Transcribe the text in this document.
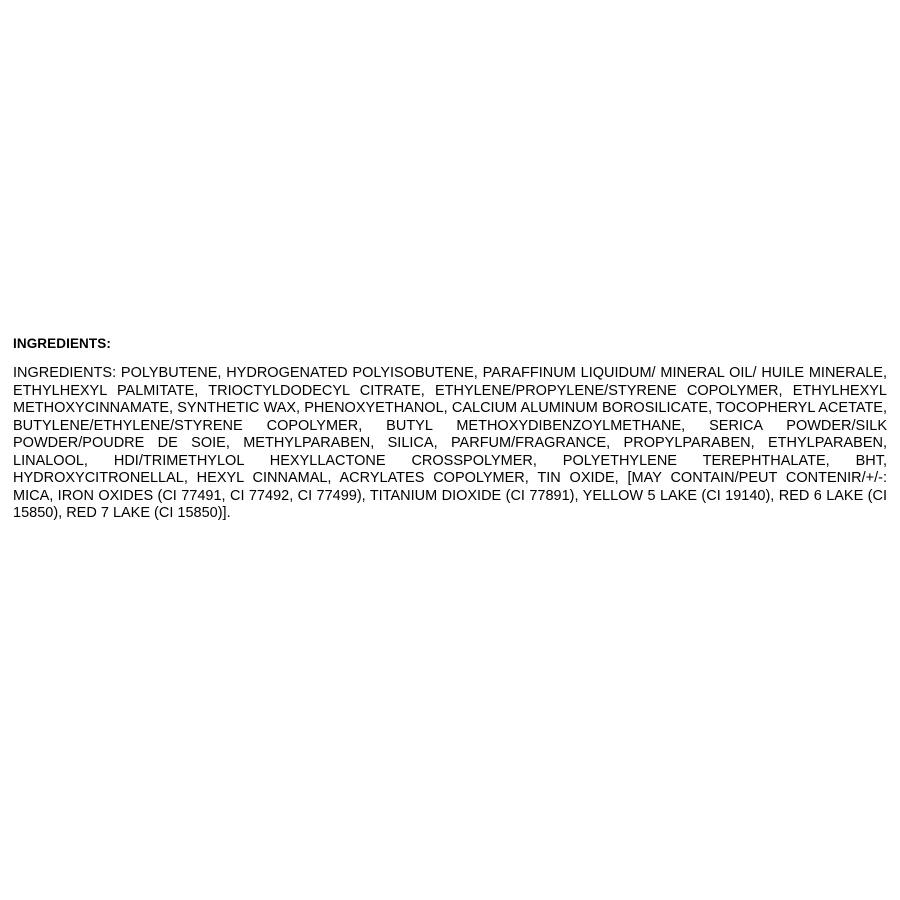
INGREDIENTS:

INGREDIENTS: POLYBUTENE, HYDROGENATED POLYISOBUTENE, PARAFFINUM LIQUIDUM/ MINERAL OIL/ HUILE MINERALE, ETHYLHEXYL PALMITATE, TRIOCTYLDODECYL CITRATE, ETHYLENE/PROPYLENE/STYRENE COPOLYMER, ETHYLHEXYL METHOXYCINNAMATE, SYNTHETIC WAX, PHENOXYETHANOL, CALCIUM ALUMINUM BOROSILICATE, TOCOPHERYL ACETATE, BUTYLENE/ETHYLENE/STYRENE COPOLYMER, BUTYL METHOXYDIBENZOYLMETHANE, SERICA POWDER/SILK POWDER/POUDRE DE SOIE, METHYLPARABEN, SILICA, PARFUM/FRAGRANCE, PROPYLPARABEN, ETHYLPARABEN, LINALOOL, HDI/TRIMETHYLOL HEXYLLACTONE CROSSPOLYMER, POLYETHYLENE TEREPHTHALATE, BHT, HYDROXYCITRONELLAL, HEXYL CINNAMAL, ACRYLATES COPOLYMER, TIN OXIDE, [MAY CONTAIN/PEUT CONTENIR/+/-: MICA, IRON OXIDES (CI 77491, CI 77492, CI 77499), TITANIUM DIOXIDE (CI 77891), YELLOW 5 LAKE (CI 19140), RED 6 LAKE (CI 15850), RED 7 LAKE (CI 15850)].
